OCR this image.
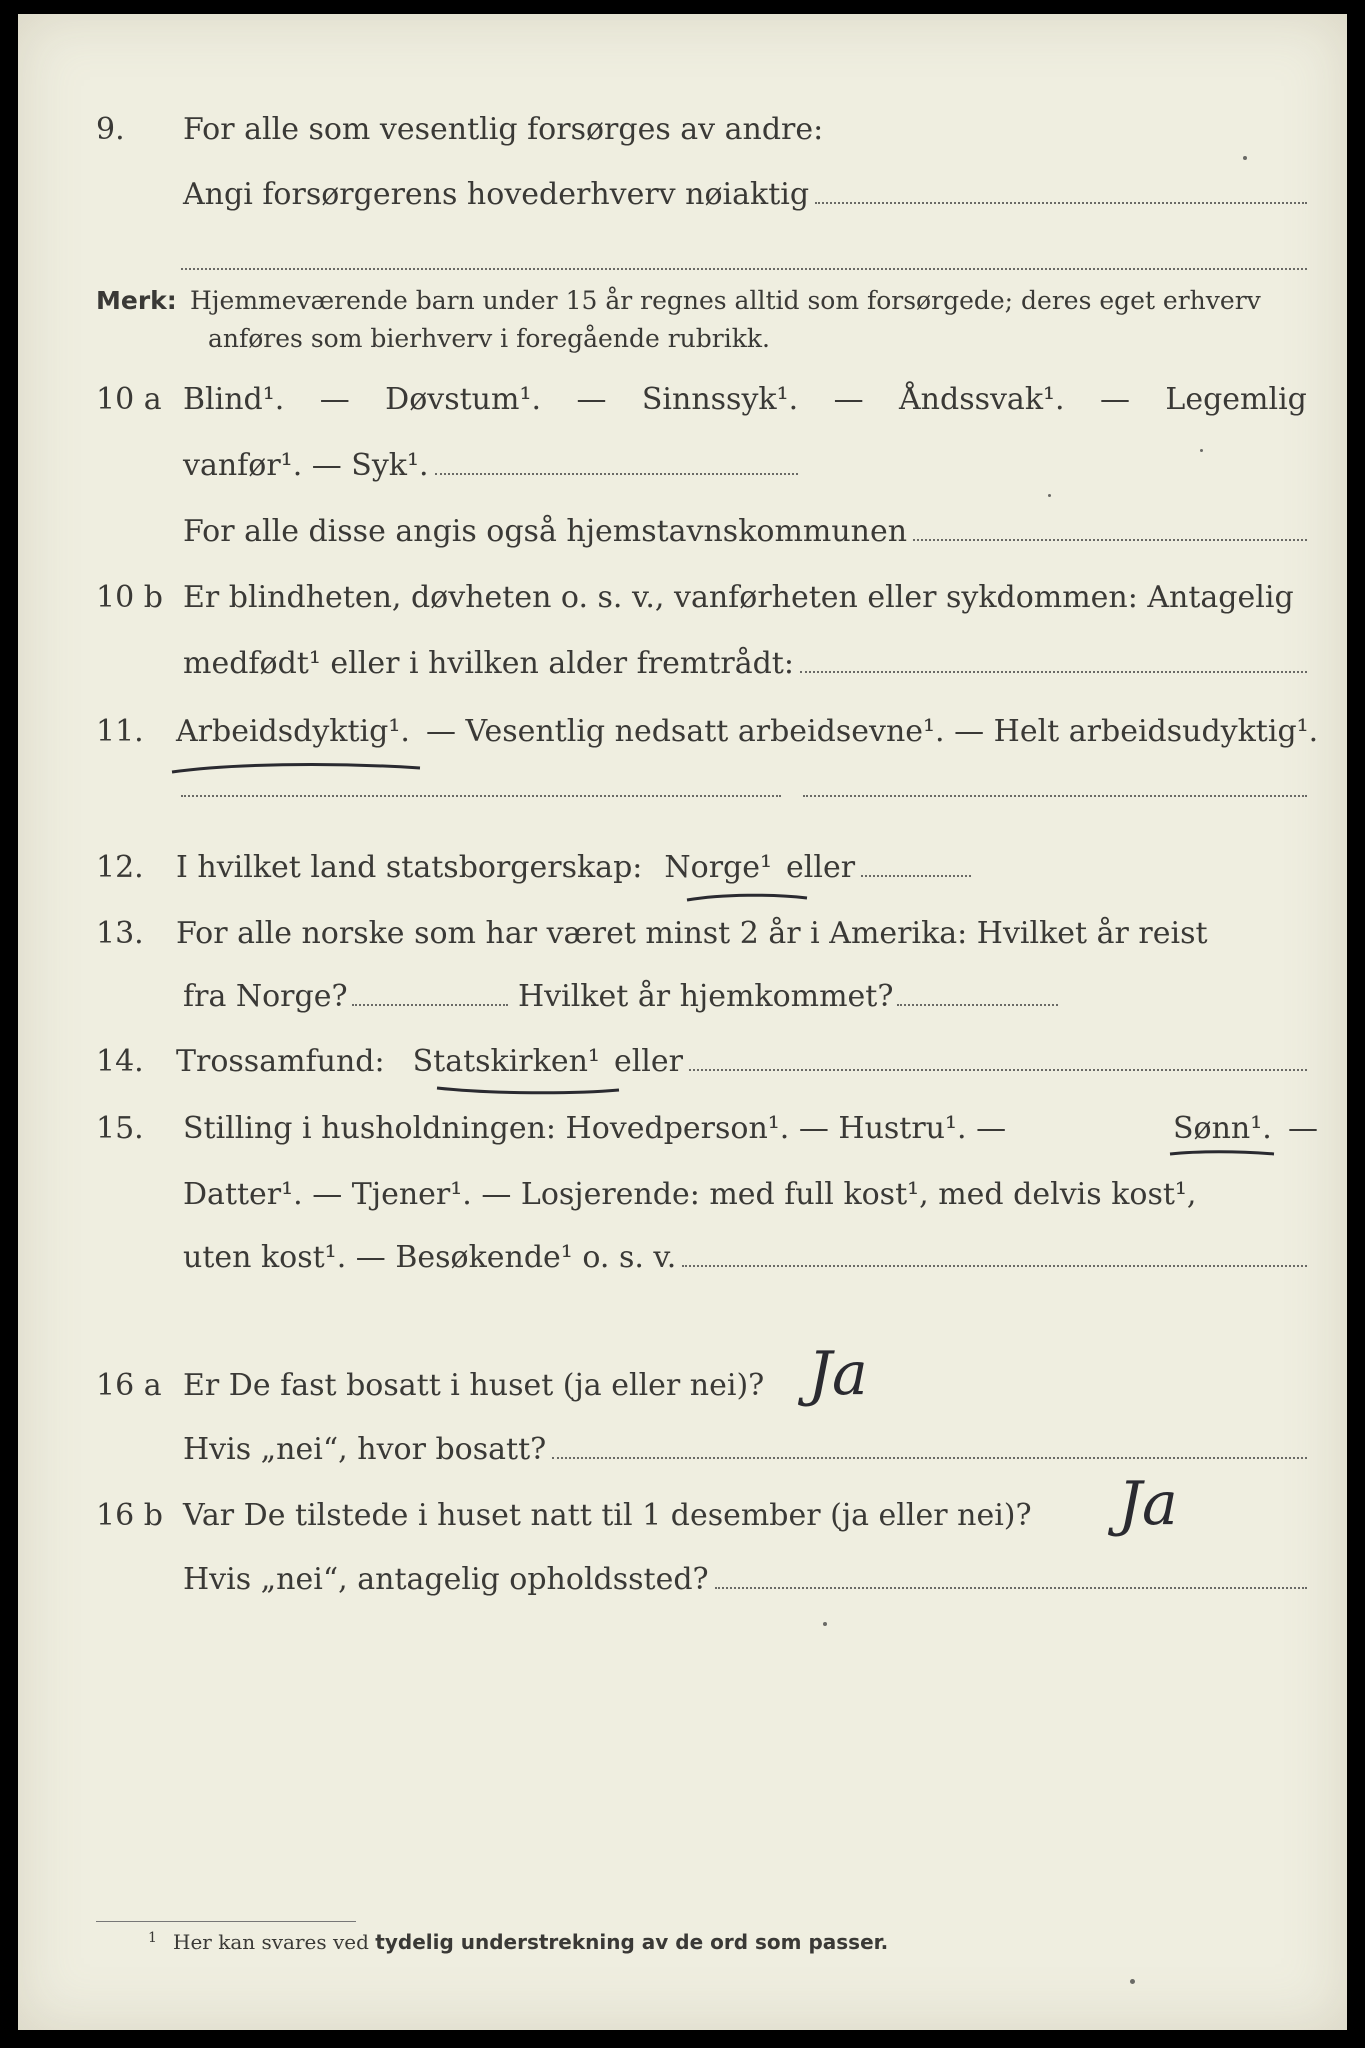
9. For alle som vesentlig forsørges av andre:
Angi forsørgerens hovederhverv nøiaktig
Merk: Hjemmeværende barn under 15 år regnes alltid som forsørgede; deres eget erhverv
anføres som bierhverv i foregående rubrikk.
10 a Blind¹. — Døvstum¹. — Sinnssyk¹. — Åndssvak¹. — Legemlig
vanfør¹. — Syk¹.
For alle disse angis også hjemstavnskommunen
10 b Er blindheten, døvheten o. s. v., vanførheten eller sykdommen: Antagelig
medfødt¹ eller i hvilken alder fremtrådt:
11. Arbeidsdyktig¹. — Vesentlig nedsatt arbeidsevne¹. — Helt arbeidsudyktig¹.
12. I hvilket land statsborgerskap: Norge¹ eller
13. For alle norske som har været minst 2 år i Amerika: Hvilket år reist
fra Norge?	Hvilket år hjemkommet?
14. Trossamfund: Statskirken¹ eller
15. Stilling i husholdningen: Hovedperson¹. — Hustru¹. —	Sønn¹. —
Datter¹. — Tjener¹. — Losjerende: med full kost¹, med delvis kost¹,
uten kost¹. — Besøkende¹ o. s. v.
16 a Er De fast bosatt i huset (ja eller nei)? Ja
Hvis „nei“, hvor bosatt?
16 b Var De tilstede i huset natt til 1 desember (ja eller nei)? Ja
Hvis „nei“, antagelig opholdssted?
1 Her kan svares ved tydelig understrekning av de ord som passer.
